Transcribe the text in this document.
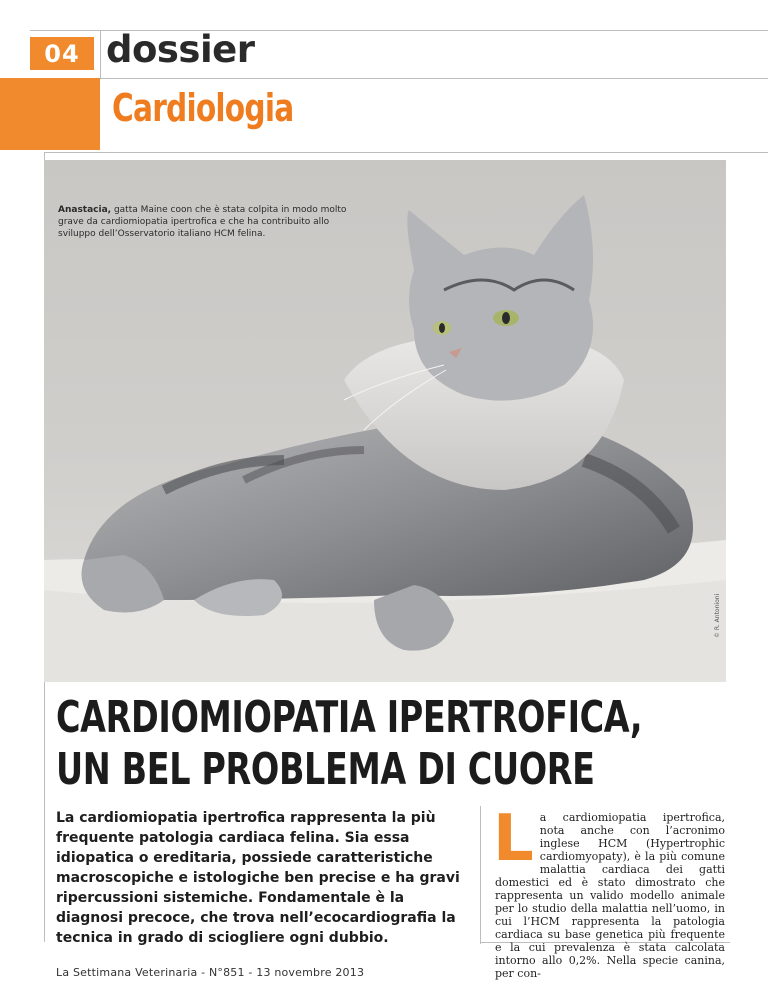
04 dossier
Cardiologia
Anastacia, gatta Maine coon che è stata colpita in modo molto grave da cardiomiopatia ipertrofica e che ha contribuito allo sviluppo dell’Osservatorio italiano HCM felina.
© R. Antonioni
CARDIOMIOPATIA IPERTROFICA,
UN BEL PROBLEMA DI CUORE
La cardiomiopatia ipertrofica rappresenta la più frequente patologia cardiaca felina. Sia essa idiopatica o ereditaria, possiede caratteristiche macroscopiche e istologiche ben precise e ha gravi ripercussioni sistemiche. Fondamentale è la diagnosi precoce, che trova nell’ecocardiografia la tecnica in grado di sciogliere ogni dubbio.
La cardiomiopatia ipertrofica, nota anche con l’acronimo inglese HCM (Hypertrophic cardiomyopaty), è la più comune malattia cardiaca dei gatti domestici ed è stato dimostrato che rappresenta un valido modello animale per lo studio della malattia nell’uomo, in cui l’HCM rappresenta la patologia cardiaca su base genetica più frequente e la cui prevalenza è stata calcolata intorno allo 0,2%. Nella specie canina, per con-
La Settimana Veterinaria - N°851 - 13 novembre 2013
